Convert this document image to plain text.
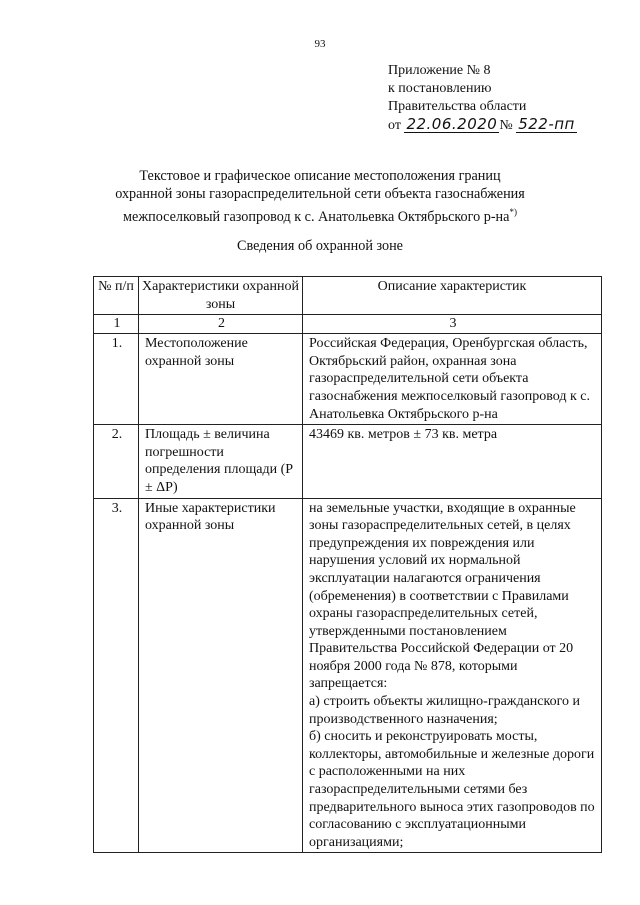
93
Приложение № 8
к постановлению
Правительства области
от 22.06.2020 № 522-пп
Текстовое и графическое описание местоположения границ
охранной зоны газораспределительной сети объекта газоснабжения
межпоселковый газопровод к с. Анатольевка Октябрьского р-на*)
Сведения об охранной зоне
№ п/п	Характеристики охранной зоны	Описание характеристик
1	2	3
1.	Местоположение охранной зоны	Российская Федерация, Оренбургская область, Октябрьский район, охранная зона газораспределительной сети объекта газоснабжения межпоселковый газопровод к с. Анатольевка Октябрьского р-на
2.	Площадь ± величина погрешности определения площади (Р ± ΔР)	43469 кв. метров ± 73 кв. метра
3.	Иные характеристики охранной зоны	на земельные участки, входящие в охранные зоны газораспределительных сетей, в целях предупреждения их повреждения или нарушения условий их нормальной эксплуатации налагаются ограничения (обременения) в соответствии с Правилами охраны газораспределительных сетей, утвержденными постановлением Правительства Российской Федерации от 20 ноября 2000 года № 878, которыми запрещается:
а) строить объекты жилищно-гражданского и производственного назначения;
б) сносить и реконструировать мосты, коллекторы, автомобильные и железные дороги с расположенными на них газораспределительными сетями без предварительного выноса этих газопроводов по согласованию с эксплуатационными организациями;
